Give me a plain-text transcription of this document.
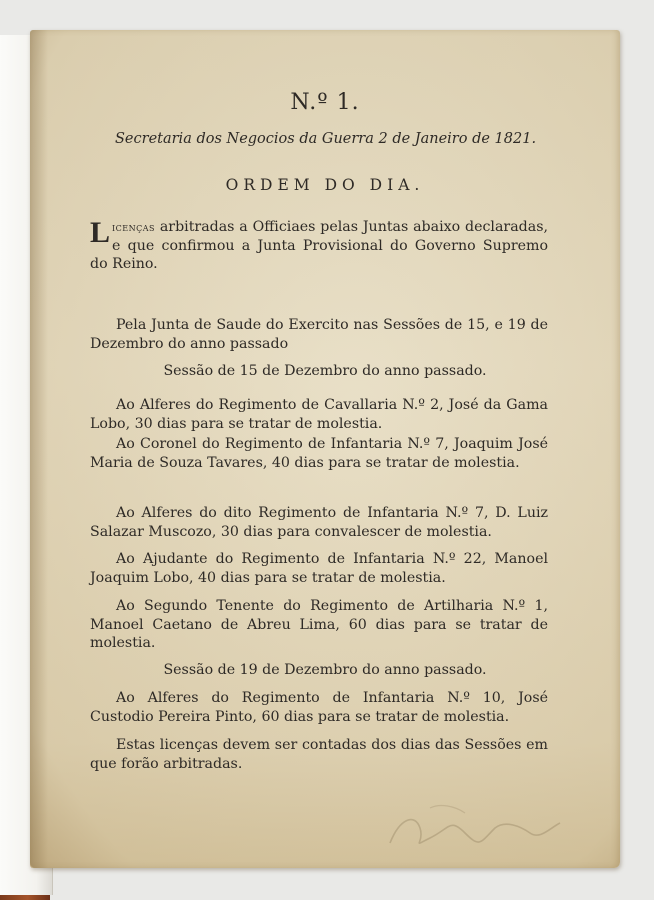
N.º 1.

Secretaria dos Negocios da Guerra 2 de Janeiro de 1821.

ORDEM DO DIA.

Licenças arbitradas a Officiaes pelas Juntas abaixo declaradas, e que confirmou a Junta Provisional do Governo Supremo do Reino.

Pela Junta de Saude do Exercito nas Sessões de 15, e 19 de Dezembro do anno passado

Sessão de 15 de Dezembro do anno passado.

Ao Alferes do Regimento de Cavallaria N.º 2, José da Gama Lobo, 30 dias para se tratar de molestia.

Ao Coronel do Regimento de Infantaria N.º 7, Joaquim José Maria de Souza Tavares, 40 dias para se tratar de molestia.

Ao Alferes do dito Regimento de Infantaria N.º 7, D. Luiz Salazar Muscozo, 30 dias para convalescer de molestia.

Ao Ajudante do Regimento de Infantaria N.º 22, Manoel Joaquim Lobo, 40 dias para se tratar de molestia.

Ao Segundo Tenente do Regimento de Artilharia N.º 1, Manoel Caetano de Abreu Lima, 60 dias para se tratar de molestia.

Sessão de 19 de Dezembro do anno passado.

Ao Alferes do Regimento de Infantaria N.º 10, José Custodio Pereira Pinto, 60 dias para se tratar de molestia.

Estas licenças devem ser contadas dos dias das Sessões em que forão arbitradas.
